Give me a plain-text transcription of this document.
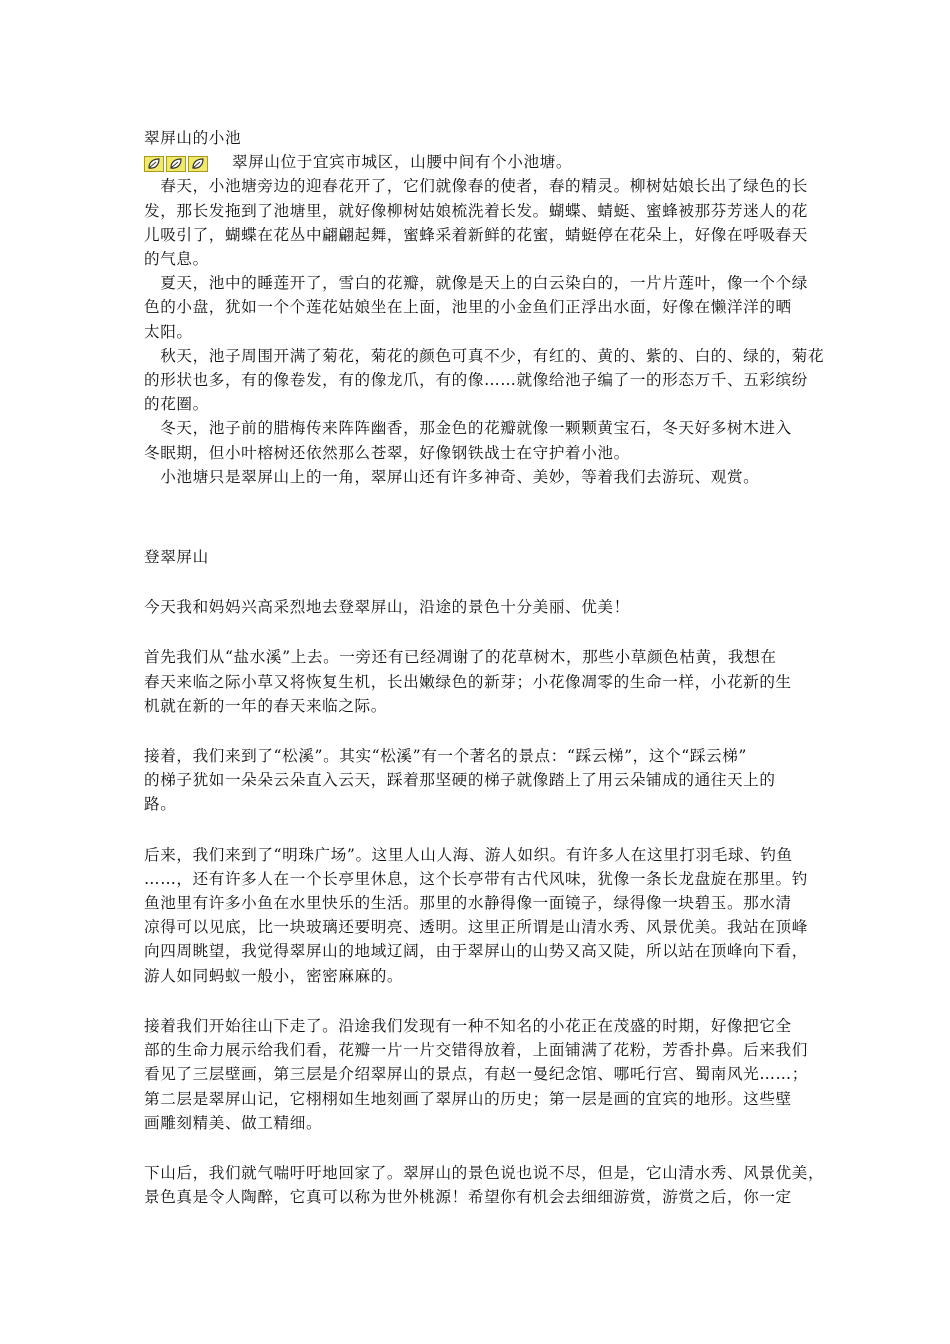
翠屏山的小池
翠屏山位于宜宾市城区，山腰中间有个小池塘。
　春天，小池塘旁边的迎春花开了，它们就像春的使者，春的精灵。柳树姑娘长出了绿色的长
发，那长发拖到了池塘里，就好像柳树姑娘梳洗着长发。蝴蝶、蜻蜓、蜜蜂被那芬芳迷人的花
儿吸引了，蝴蝶在花丛中翩翩起舞，蜜蜂采着新鲜的花蜜，蜻蜓停在花朵上，好像在呼吸春天
的气息。
　夏天，池中的睡莲开了，雪白的花瓣，就像是天上的白云染白的，一片片莲叶，像一个个绿
色的小盘，犹如一个个莲花姑娘坐在上面，池里的小金鱼们正浮出水面，好像在懒洋洋的晒
太阳。
　秋天，池子周围开满了菊花，菊花的颜色可真不少，有红的、黄的、紫的、白的、绿的，菊花
的形状也多，有的像卷发，有的像龙爪，有的像……就像给池子编了一的形态万千、五彩缤纷
的花圈。
　冬天，池子前的腊梅传来阵阵幽香，那金色的花瓣就像一颗颗黄宝石，冬天好多树木进入
冬眠期，但小叶榕树还依然那么苍翠，好像钢铁战士在守护着小池。
　小池塘只是翠屏山上的一角，翠屏山还有许多神奇、美妙，等着我们去游玩、观赏。
登翠屏山
今天我和妈妈兴高采烈地去登翠屏山，沿途的景色十分美丽、优美！
首先我们从“盐水溪”上去。一旁还有已经凋谢了的花草树木，那些小草颜色枯黄，我想在
春天来临之际小草又将恢复生机，长出嫩绿色的新芽；小花像凋零的生命一样，小花新的生
机就在新的一年的春天来临之际。
接着，我们来到了“松溪”。其实“松溪”有一个著名的景点：“踩云梯”，这个“踩云梯”
的梯子犹如一朵朵云朵直入云天，踩着那坚硬的梯子就像踏上了用云朵铺成的通往天上的
路。
后来，我们来到了“明珠广场”。这里人山人海、游人如织。有许多人在这里打羽毛球、钓鱼
……，还有许多人在一个长亭里休息，这个长亭带有古代风味，犹像一条长龙盘旋在那里。钓
鱼池里有许多小鱼在水里快乐的生活。那里的水静得像一面镜子，绿得像一块碧玉。那水清
凉得可以见底，比一块玻璃还要明亮、透明。这里正所谓是山清水秀、风景优美。我站在顶峰
向四周眺望，我觉得翠屏山的地域辽阔，由于翠屏山的山势又高又陡，所以站在顶峰向下看，
游人如同蚂蚁一般小，密密麻麻的。
接着我们开始往山下走了。沿途我们发现有一种不知名的小花正在茂盛的时期，好像把它全
部的生命力展示给我们看，花瓣一片一片交错得放着，上面铺满了花粉，芳香扑鼻。后来我们
看见了三层壁画，第三层是介绍翠屏山的景点，有赵一曼纪念馆、哪吒行宫、蜀南风光……；
第二层是翠屏山记，它栩栩如生地刻画了翠屏山的历史；第一层是画的宜宾的地形。这些壁
画雕刻精美、做工精细。
下山后，我们就气喘吁吁地回家了。翠屏山的景色说也说不尽，但是，它山清水秀、风景优美，
景色真是令人陶醉，它真可以称为世外桃源！希望你有机会去细细游赏，游赏之后，你一定
